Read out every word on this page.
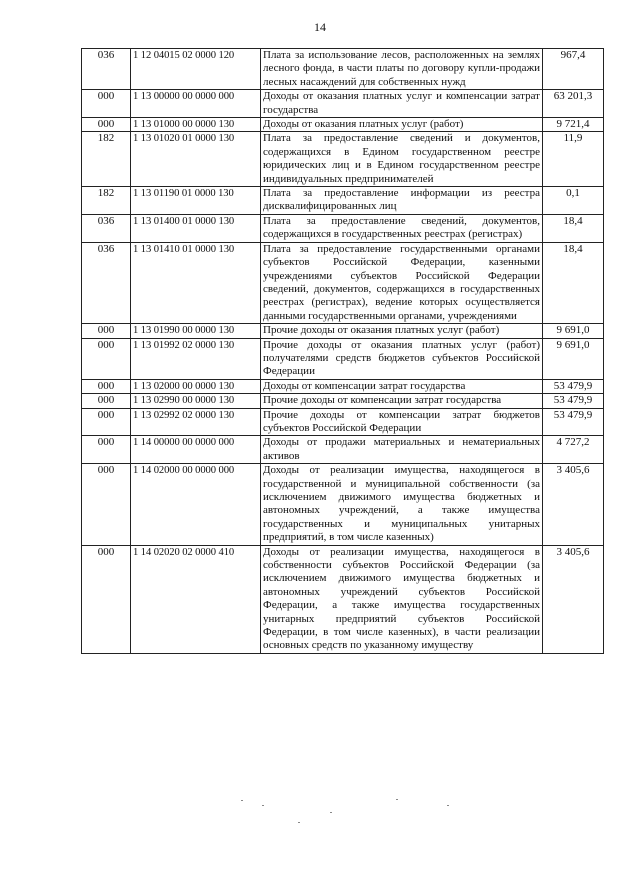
14
036	1 12 04015 02 0000 120	Плата за использование лесов, расположенных на землях лесного фонда, в части платы по договору купли-продажи лесных насаждений для собственных нужд	967,4
000	1 13 00000 00 0000 000	Доходы от оказания платных услуг и компенсации затрат государства	63 201,3
000	1 13 01000 00 0000 130	Доходы от оказания платных услуг (работ)	9 721,4
182	1 13 01020 01 0000 130	Плата за предоставление сведений и документов, содержащихся в Едином государственном реестре юридических лиц и в Едином государственном реестре индивидуальных предпринимателей	11,9
182	1 13 01190 01 0000 130	Плата за предоставление информации из реестра дисквалифицированных лиц	0,1
036	1 13 01400 01 0000 130	Плата за предоставление сведений, документов, содержащихся в государственных реестрах (регистрах)	18,4
036	1 13 01410 01 0000 130	Плата за предоставление государственными органами субъектов Российской Федерации, казенными учреждениями субъектов Российской Федерации сведений, документов, содержащихся в государственных реестрах (регистрах), ведение которых осуществляется данными государственными органами, учреждениями	18,4
000	1 13 01990 00 0000 130	Прочие доходы от оказания платных услуг (работ)	9 691,0
000	1 13 01992 02 0000 130	Прочие доходы от оказания платных услуг (работ) получателями средств бюджетов субъектов Российской Федерации	9 691,0
000	1 13 02000 00 0000 130	Доходы от компенсации затрат государства	53 479,9
000	1 13 02990 00 0000 130	Прочие доходы от компенсации затрат государства	53 479,9
000	1 13 02992 02 0000 130	Прочие доходы от компенсации затрат бюджетов субъектов Российской Федерации	53 479,9
000	1 14 00000 00 0000 000	Доходы от продажи материальных и нематериальных активов	4 727,2
000	1 14 02000 00 0000 000	Доходы от реализации имущества, находящегося в государственной и муниципальной собственности (за исключением движимого имущества бюджетных и автономных учреждений, а также имущества государственных и муниципальных унитарных предприятий, в том числе казенных)	3 405,6
000	1 14 02020 02 0000 410	Доходы от реализации имущества, находящегося в собственности субъектов Российской Федерации (за исключением движимого имущества бюджетных и автономных учреждений субъектов Российской Федерации, а также имущества государственных унитарных предприятий субъектов Российской Федерации, в том числе казенных), в части реализации основных средств по указанному имуществу	3 405,6
